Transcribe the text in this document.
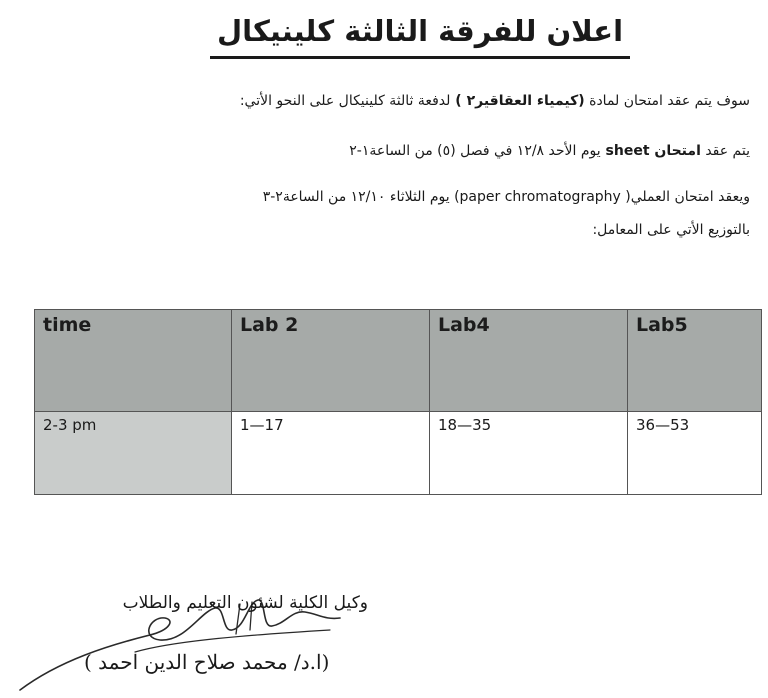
اعلان للفرقة الثالثة كلينيكال
سوف يتم عقد امتحان لمادة (كيمياء العقاقير٢ ) لدفعة ثالثة كلينيكال على النحو الأتي:
يتم عقد امتحان sheet يوم الأحد ١٢/٨ في فصل (٥) من الساعة١-٢
ويعقد امتحان العملي( paper chromatography) يوم الثلاثاء ١٢/١٠ من الساعة٢-٣
بالتوزيع الأتي على المعامل:
time	Lab 2	Lab4	Lab5
2-3 pm	1—17	18—35	36—53
وكيل الكلية لشئون التعليم والطلاب
(ا.د/ محمد صلاح الدين احمد )
